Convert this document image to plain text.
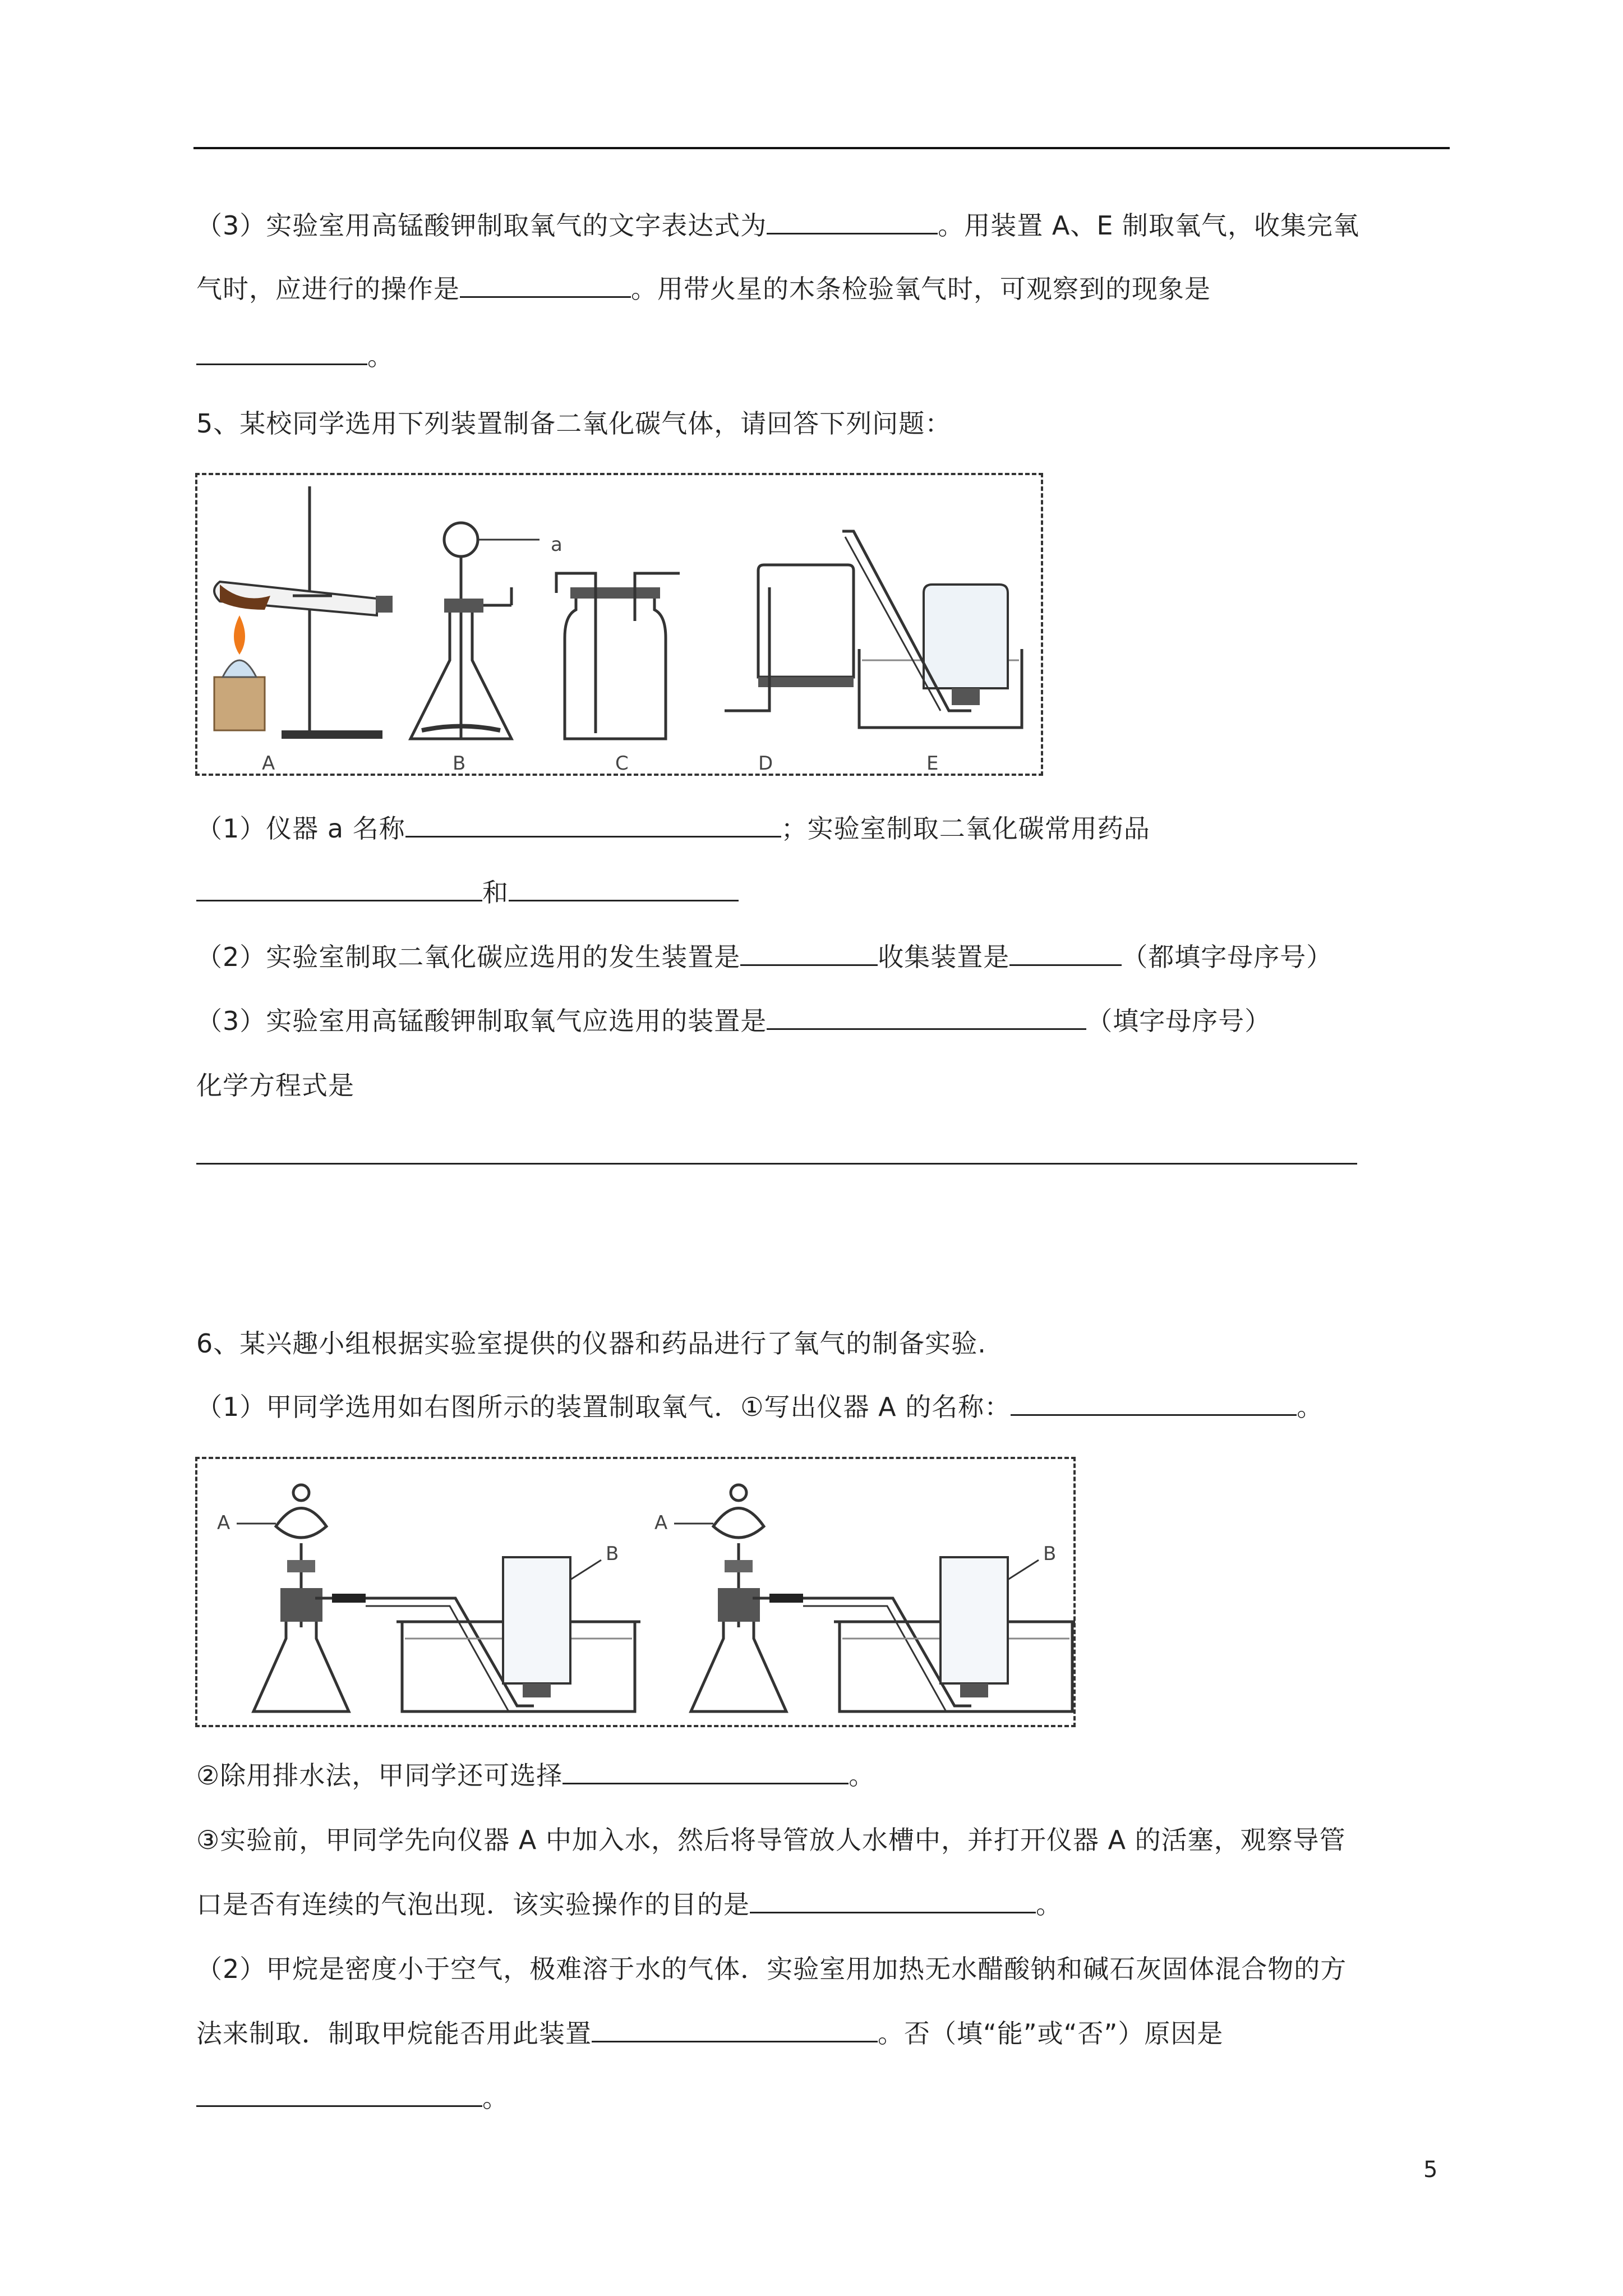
（3）实验室用高锰酸钾制取氧气的文字表达式为	。用装置 A、E 制取氧气，收集完氧
气时，应进行的操作是	。用带火星的木条检验氧气时，可观察到的现象是
。
5、某校同学选用下列装置制备二氧化碳气体，请回答下列问题：
a
A	B	C	D	E
（1）仪器 a 名称	；实验室制取二氧化碳常用药品
和
（2）实验室制取二氧化碳应选用的发生装置是	收集装置是	（都填字母序号）
（3）实验室用高锰酸钾制取氧气应选用的装置是	（填字母序号）
化学方程式是
6、某兴趣小组根据实验室提供的仪器和药品进行了氧气的制备实验.
（1）甲同学选用如右图所示的装置制取氧气．①写出仪器 A 的名称：	。
A
B
A
B
②除用排水法，甲同学还可选择	。
③实验前，甲同学先向仪器 A 中加入水，然后将导管放人水槽中，并打开仪器 A 的活塞，观察导管
口是否有连续的气泡出现．该实验操作的目的是	。
（2）甲烷是密度小于空气，极难溶于水的气体．实验室用加热无水醋酸钠和碱石灰固体混合物的方
法来制取．制取甲烷能否用此装置	。否（填“能”或“否”）原因是
。
5
